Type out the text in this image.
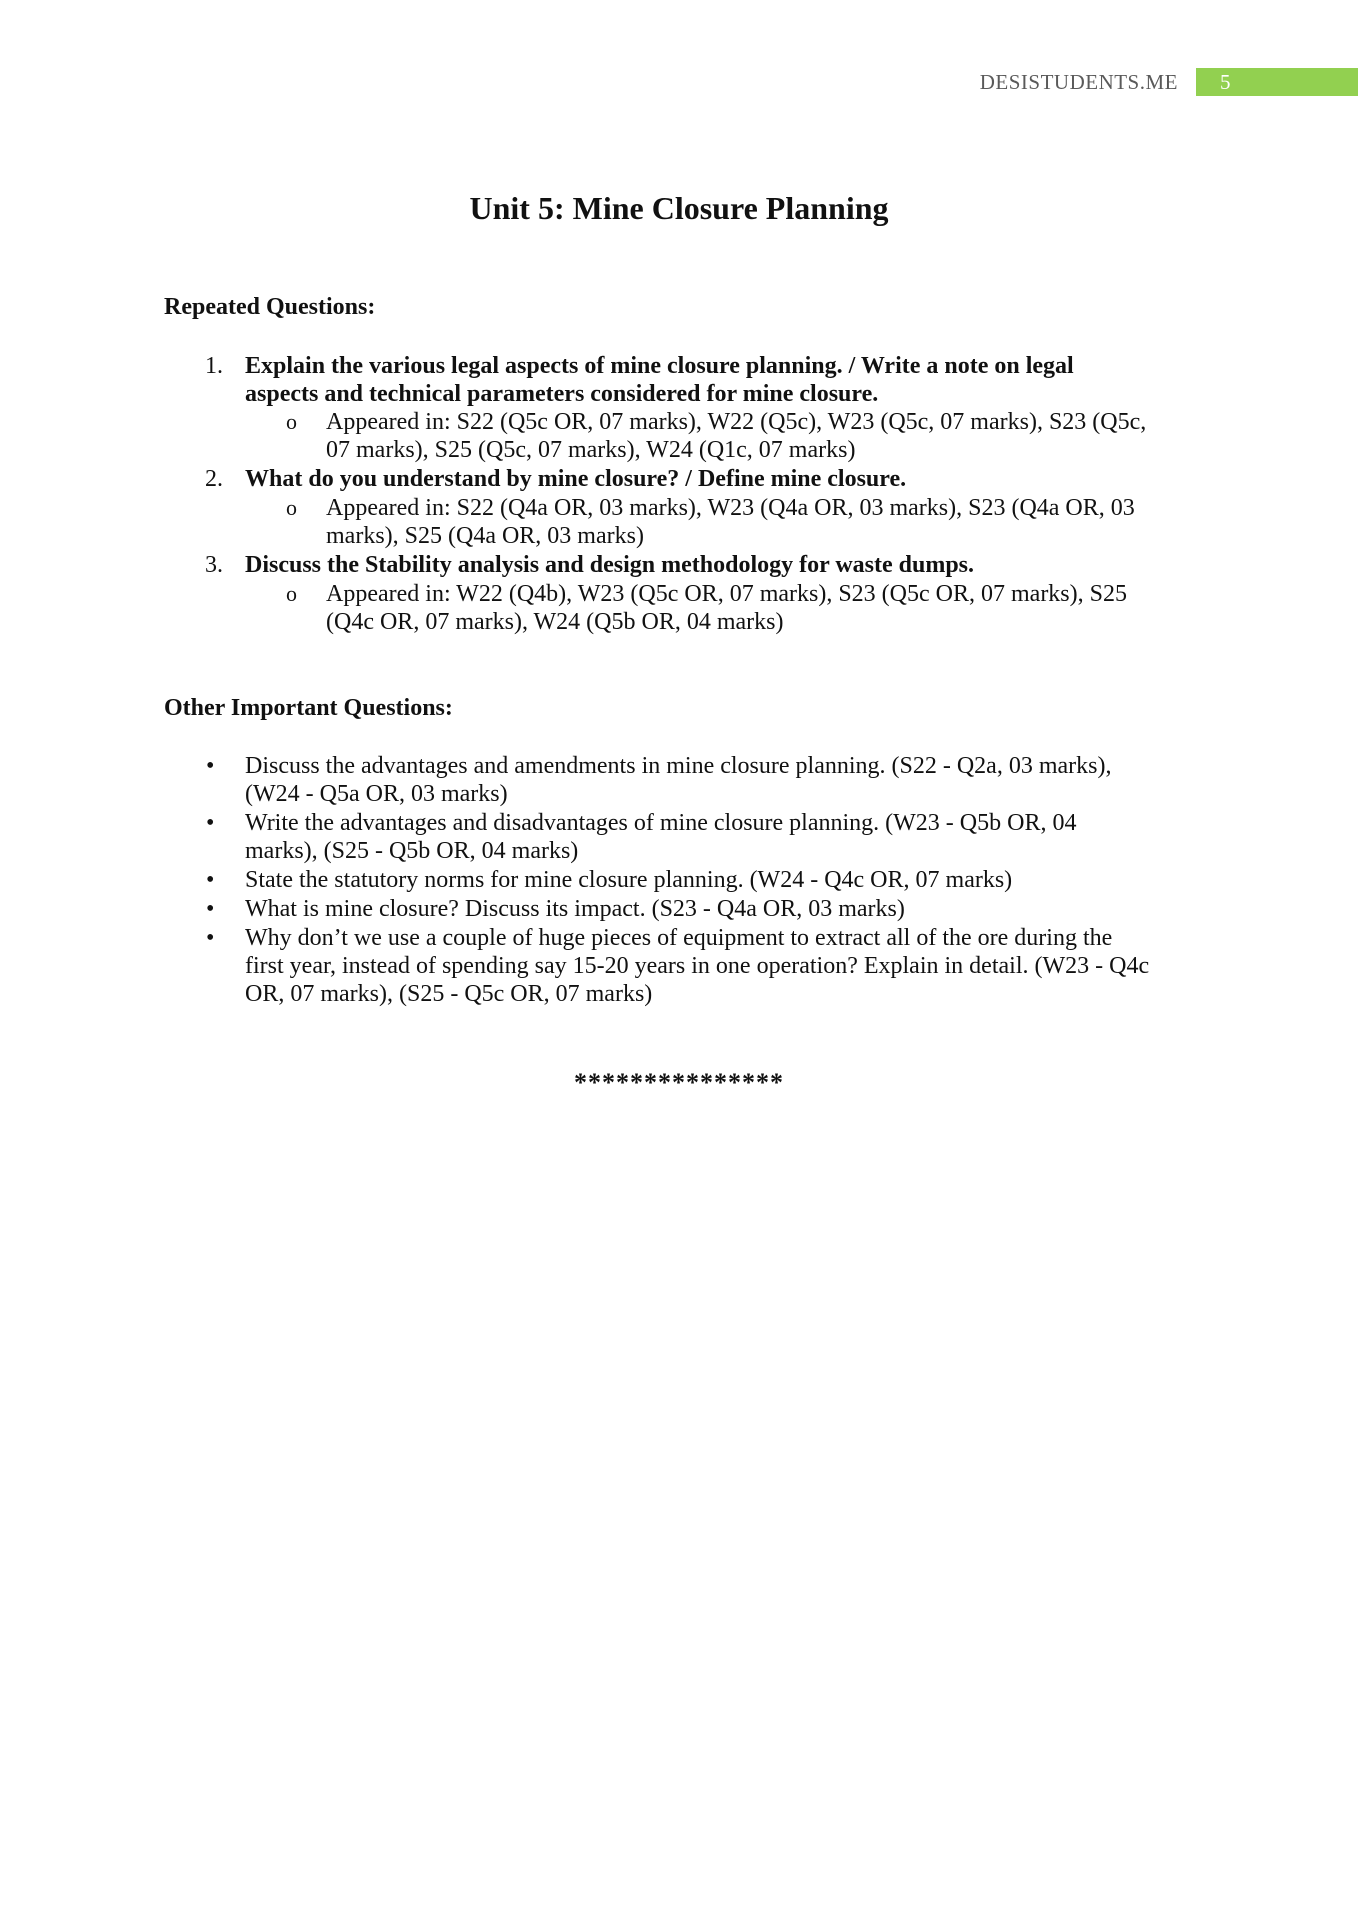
DESISTUDENTS.ME	5
Unit 5: Mine Closure Planning
Repeated Questions:
1. Explain the various legal aspects of mine closure planning. / Write a note on legal

aspects and technical parameters considered for mine closure.

o Appeared in: S22 (Q5c OR, 07 marks), W22 (Q5c), W23 (Q5c, 07 marks), S23 (Q5c,

07 marks), S25 (Q5c, 07 marks), W24 (Q1c, 07 marks)

2. What do you understand by mine closure? / Define mine closure.

o Appeared in: S22 (Q4a OR, 03 marks), W23 (Q4a OR, 03 marks), S23 (Q4a OR, 03

marks), S25 (Q4a OR, 03 marks)

3. Discuss the Stability analysis and design methodology for waste dumps.

o Appeared in: W22 (Q4b), W23 (Q5c OR, 07 marks), S23 (Q5c OR, 07 marks), S25

(Q4c OR, 07 marks), W24 (Q5b OR, 04 marks)

Other Important Questions:
• Discuss the advantages and amendments in mine closure planning. (S22 - Q2a, 03 marks),

(W24 - Q5a OR, 03 marks)

• Write the advantages and disadvantages of mine closure planning. (W23 - Q5b OR, 04

marks), (S25 - Q5b OR, 04 marks)

• State the statutory norms for mine closure planning. (W24 - Q4c OR, 07 marks)

• What is mine closure? Discuss its impact. (S23 - Q4a OR, 03 marks)

• Why don’t we use a couple of huge pieces of equipment to extract all of the ore during the

first year, instead of spending say 15-20 years in one operation? Explain in detail. (W23 - Q4c

OR, 07 marks), (S25 - Q5c OR, 07 marks)

***************
